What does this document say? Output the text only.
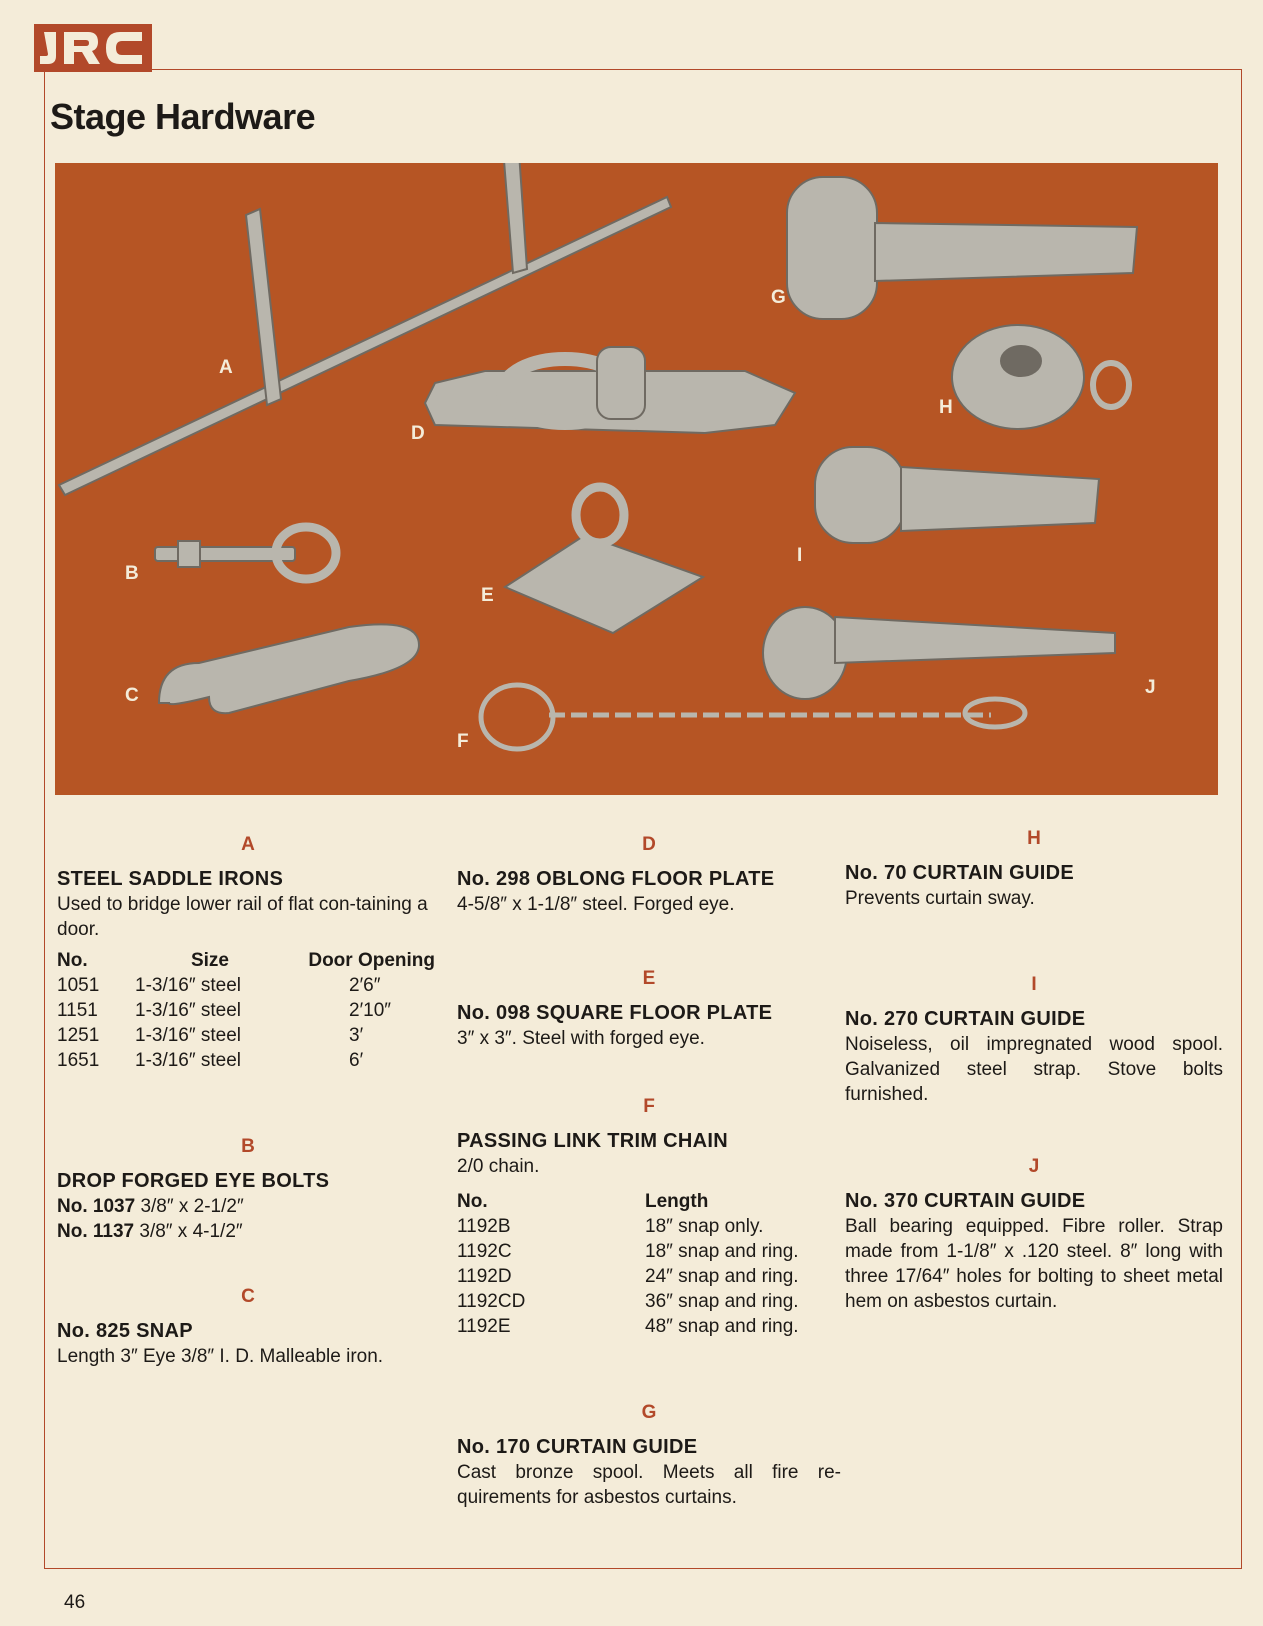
Stage Hardware
A
B
C
D
E
F
G
H
I
J
A
STEEL SADDLE IRONS
Used to bridge lower rail of flat con-taining a door.
No.	Size	Door Opening
1051	1-3/16″ steel	2′6″
1151	1-3/16″ steel	2′10″
1251	1-3/16″ steel	3′
1651	1-3/16″ steel	6′
B
DROP FORGED EYE BOLTS
No. 1037 3/8″ x 2-1/2″
No. 1137 3/8″ x 4-1/2″
C
No. 825 SNAP
Length 3″ Eye 3/8″ I. D. Malleable iron.
D
No. 298 OBLONG FLOOR PLATE
4-5/8″ x 1-1/8″ steel. Forged eye.
E
No. 098 SQUARE FLOOR PLATE
3″ x 3″. Steel with forged eye.
F
PASSING LINK TRIM CHAIN
2/0 chain.
No.	Length
1192B	18″ snap only.
1192C	18″ snap and ring.
1192D	24″ snap and ring.
1192CD	36″ snap and ring.
1192E	48″ snap and ring.
G
No. 170 CURTAIN GUIDE
Cast bronze spool. Meets all fire re-quirements for asbestos curtains.
H
No. 70 CURTAIN GUIDE
Prevents curtain sway.
I
No. 270 CURTAIN GUIDE
Noiseless, oil impregnated wood spool. Galvanized steel strap. Stove bolts furnished.
J
No. 370 CURTAIN GUIDE
Ball bearing equipped. Fibre roller. Strap made from 1-1/8″ x .120 steel. 8″ long with three 17/64″ holes for bolting to sheet metal hem on asbestos curtain.
46
